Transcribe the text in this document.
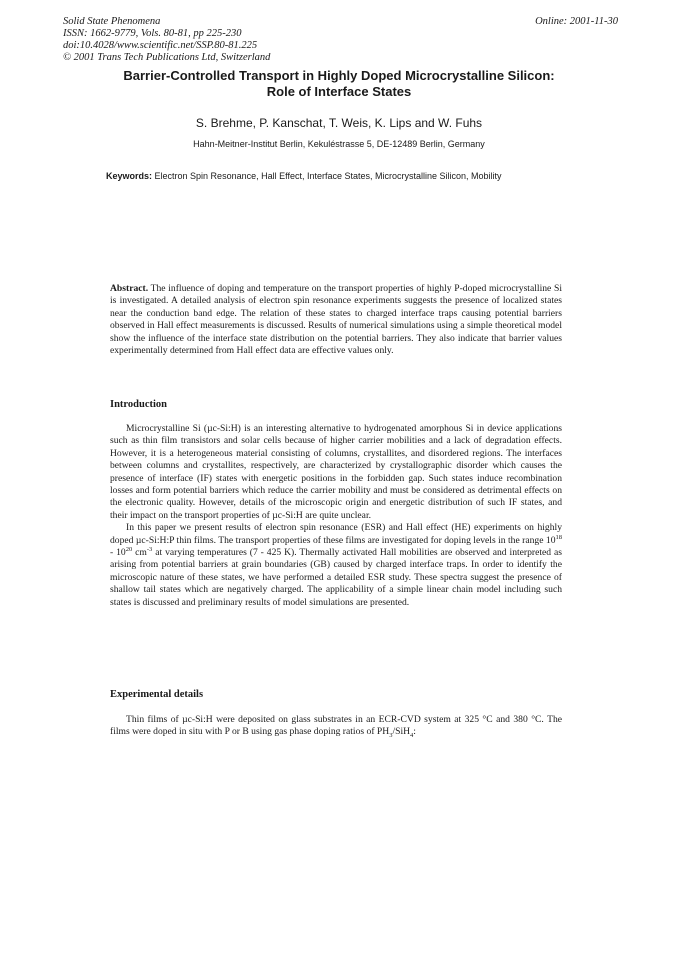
Solid State Phenomena
ISSN: 1662-9779, Vols. 80-81, pp 225-230
doi:10.4028/www.scientific.net/SSP.80-81.225
© 2001 Trans Tech Publications Ltd, Switzerland
Online: 2001-11-30
Barrier-Controlled Transport in Highly Doped Microcrystalline Silicon:
Role of Interface States
S. Brehme, P. Kanschat, T. Weis, K. Lips and W. Fuhs
Hahn-Meitner-Institut Berlin, Kekuléstrasse 5, DE-12489 Berlin, Germany
Keywords: Electron Spin Resonance, Hall Effect, Interface States, Microcrystalline Silicon, Mobility
Abstract. The influence of doping and temperature on the transport properties of highly P-doped microcrystalline Si is investigated. A detailed analysis of electron spin resonance experiments suggests the presence of localized states near the conduction band edge. The relation of these states to charged interface traps causing potential barriers observed in Hall effect measurements is discussed. Results of numerical simulations using a simple theoretical model show the influence of the interface state distribution on the potential barriers. They also indicate that barrier values experimentally determined from Hall effect data are effective values only.
Introduction

Microcrystalline Si (µc-Si:H) is an interesting alternative to hydrogenated amorphous Si in device applications such as thin film transistors and solar cells because of higher carrier mobilities and a lack of degradation effects. However, it is a heterogeneous material consisting of columns, crystallites, and disordered regions. The interfaces between columns and crystallites, respectively, are characterized by crystallographic disorder which causes the presence of interface (IF) states with energetic positions in the forbidden gap. Such states induce recombination losses and form potential barriers which reduce the carrier mobility and must be considered as detrimental effects on the electronic quality. However, details of the microscopic origin and energetic distribution of such IF states, and their impact on the transport properties of µc-Si:H are quite unclear.

In this paper we present results of electron spin resonance (ESR) and Hall effect (HE) experiments on highly doped µc-Si:H:P thin films. The transport properties of these films are investigated for doping levels in the range $10^{18} - 10^{20}$ $cm^{-3}$ at varying temperatures (7 - 425 K). Thermally activated Hall mobilities are observed and interpreted as arising from potential barriers at grain boundaries (GB) caused by charged interface traps. In order to identify the microscopic nature of these states, we have performed a detailed ESR study. These spectra suggest the presence of shallow tail states which are negatively charged. The applicability of a simple linear chain model including such states is discussed and preliminary results of model simulations are presented.

Experimental details

Thin films of µc-Si:H were deposited on glass substrates in an ECR-CVD system at 325 °C and 380 °C. The films were doped in situ with P or B using gas phase doping ratios of $PH_3/SiH_4$:
